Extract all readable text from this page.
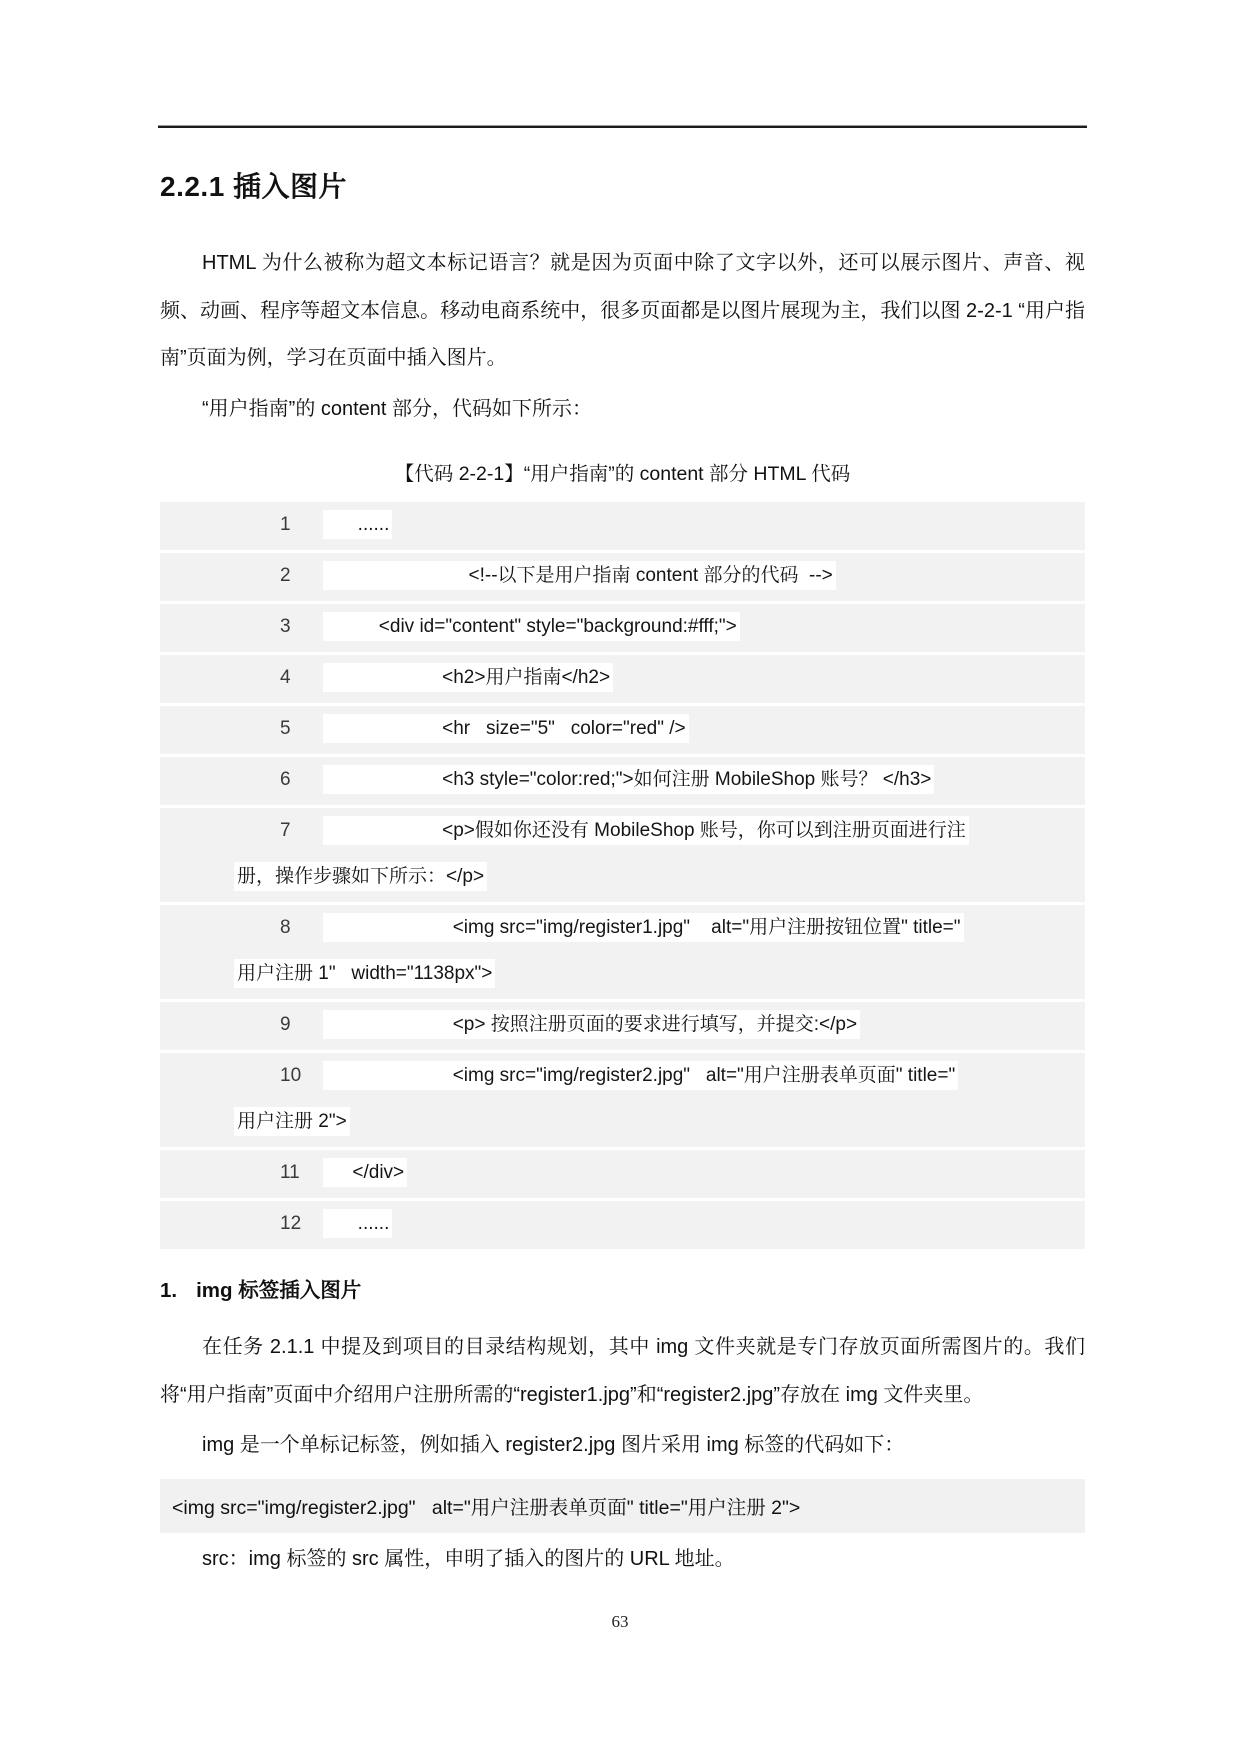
2.2.1 插入图片

HTML 为什么被称为超文本标记语言？就是因为页面中除了文字以外，还可以展示图片、声音、视频、动画、程序等超文本信息。移动电商系统中，很多页面都是以图片展现为主，我们以图 2-2-1 “用户指南”页面为例，学习在页面中插入图片。

“用户指南”的 content 部分，代码如下所示：

【代码 2-2-1】“用户指南”的 content 部分 HTML 代码
1      ......
2                           <!--以下是用户指南 content 部分的代码  -->
3          <div id="content" style="background:#fff;">
4                      <h2>用户指南</h2>
5                      <hr   size="5"   color="red" />
6                      <h3 style="color:red;">如何注册 MobileShop 账号？ </h3>
7                      <p>假如你还没有 MobileShop 账号，你可以到注册页面进行注
册，操作步骤如下所示：</p>
8                        <img src="img/register1.jpg"    alt="用户注册按钮位置" title="
用户注册 1"   width="1138px">
9                        <p> 按照注册页面的要求进行填写，并提交:</p>
10                        <img src="img/register2.jpg"   alt="用户注册表单页面" title="
用户注册 2">
11     </div>
12      ......
1. img 标签插入图片

在任务 2.1.1 中提及到项目的目录结构规划，其中 img 文件夹就是专门存放页面所需图片的。我们将“用户指南”页面中介绍用户注册所需的“register1.jpg”和“register2.jpg”存放在 img 文件夹里。

img 是一个单标记标签，例如插入 register2.jpg 图片采用 img 标签的代码如下：

<img src="img/register2.jpg"   alt="用户注册表单页面" title="用户注册 2">

src：img 标签的 src 属性，申明了插入的图片的 URL 地址。

63
